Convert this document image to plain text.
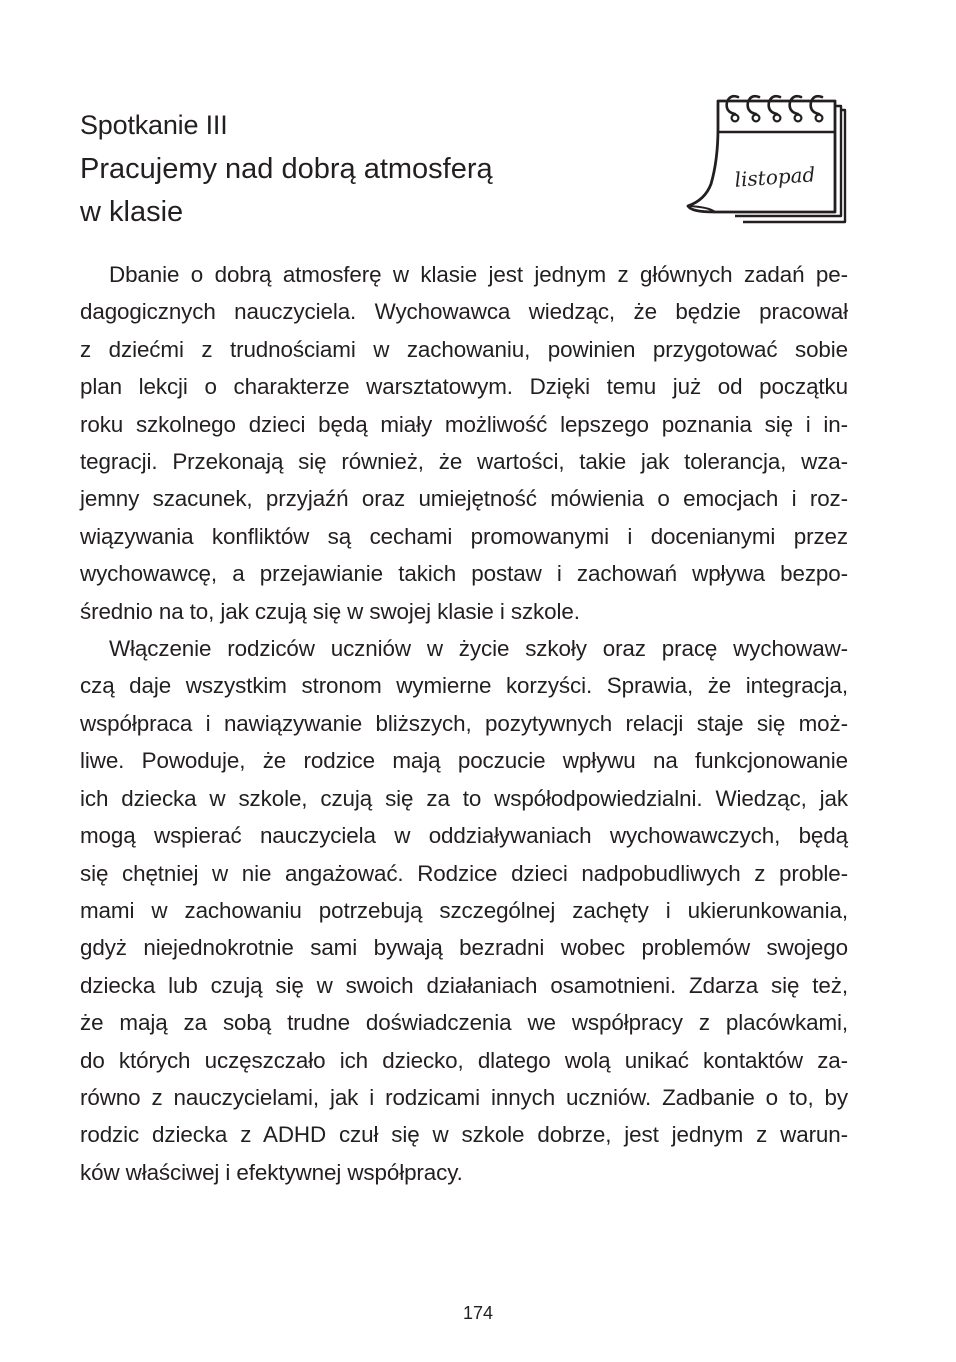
Spotkanie III
Pracujemy nad dobrą atmosferą
w klasie
listopad
Dbanie o dobrą atmosferę w klasie jest jednym z głównych zadań pe-
dagogicznych nauczyciela. Wychowawca wiedząc, że będzie pracował
z dziećmi z trudnościami w zachowaniu, powinien przygotować sobie
plan lekcji o charakterze warsztatowym. Dzięki temu już od początku
roku szkolnego dzieci będą miały możliwość lepszego poznania się i in-
tegracji. Przekonają się również, że wartości, takie jak tolerancja, wza-
jemny szacunek, przyjaźń oraz umiejętność mówienia o emocjach i roz-
wiązywania konfliktów są cechami promowanymi i docenianymi przez
wychowawcę, a przejawianie takich postaw i zachowań wpływa bezpo-
średnio na to, jak czują się w swojej klasie i szkole.
Włączenie rodziców uczniów w życie szkoły oraz pracę wychowaw-
czą daje wszystkim stronom wymierne korzyści. Sprawia, że integracja,
współpraca i nawiązywanie bliższych, pozytywnych relacji staje się moż-
liwe. Powoduje, że rodzice mają poczucie wpływu na funkcjonowanie
ich dziecka w szkole, czują się za to współodpowiedzialni. Wiedząc, jak
mogą wspierać nauczyciela w oddziaływaniach wychowawczych, będą
się chętniej w nie angażować. Rodzice dzieci nadpobudliwych z proble-
mami w zachowaniu potrzebują szczególnej zachęty i ukierunkowania,
gdyż niejednokrotnie sami bywają bezradni wobec problemów swojego
dziecka lub czują się w swoich działaniach osamotnieni. Zdarza się też,
że mają za sobą trudne doświadczenia we współpracy z placówkami,
do których uczęszczało ich dziecko, dlatego wolą unikać kontaktów za-
równo z nauczycielami, jak i rodzicami innych uczniów. Zadbanie o to, by
rodzic dziecka z ADHD czuł się w szkole dobrze, jest jednym z warun-
ków właściwej i efektywnej współpracy.
174
